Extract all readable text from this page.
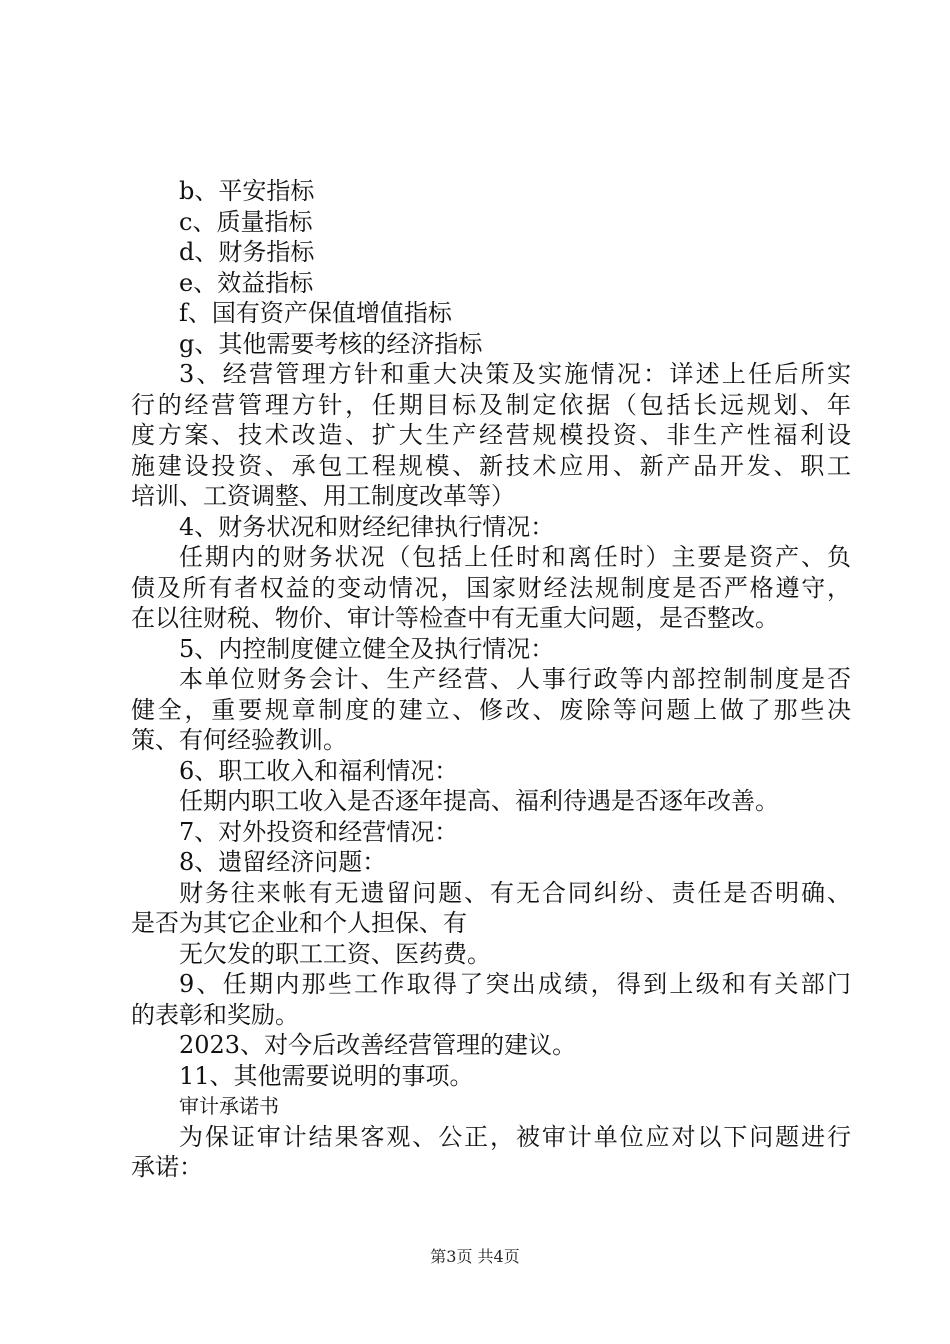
b、平安指标
c、质量指标
d、财务指标
e、效益指标
f、国有资产保值增值指标
g、其他需要考核的经济指标
3、经营管理方针和重大决策及实施情况：详述上任后所实
行的经营管理方针，任期目标及制定依据（包括长远规划、年
度方案、技术改造、扩大生产经营规模投资、非生产性福利设
施建设投资、承包工程规模、新技术应用、新产品开发、职工
培训、工资调整、用工制度改革等）
4、财务状况和财经纪律执行情况：
任期内的财务状况（包括上任时和离任时）主要是资产、负
债及所有者权益的变动情况，国家财经法规制度是否严格遵守，
在以往财税、物价、审计等检查中有无重大问题，是否整改。
5、内控制度健立健全及执行情况：
本单位财务会计、生产经营、人事行政等内部控制制度是否
健全，重要规章制度的建立、修改、废除等问题上做了那些决
策、有何经验教训。
6、职工收入和福利情况：
任期内职工收入是否逐年提高、福利待遇是否逐年改善。
7、对外投资和经营情况：
8、遗留经济问题：
财务往来帐有无遗留问题、有无合同纠纷、责任是否明确、
是否为其它企业和个人担保、有
无欠发的职工工资、医药费。
9、任期内那些工作取得了突出成绩，得到上级和有关部门
的表彰和奖励。
2023、对今后改善经营管理的建议。
11、其他需要说明的事项。
审计承诺书
为保证审计结果客观、公正，被审计单位应对以下问题进行
承诺：
第3页 共4页
